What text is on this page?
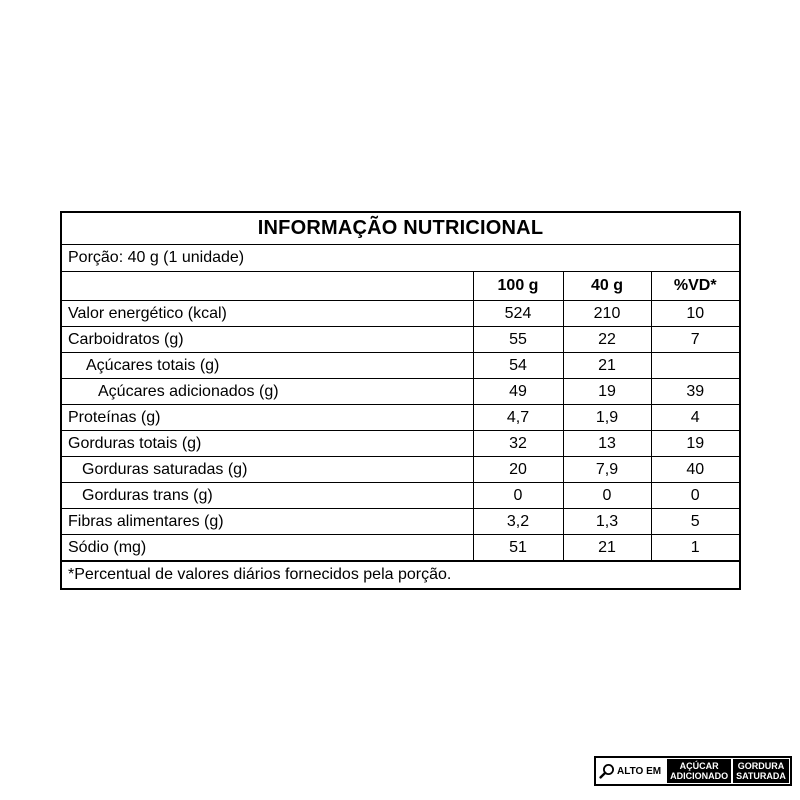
INFORMAÇÃO NUTRICIONAL
Porção: 40 g (1 unidade)
	100 g	40 g	%VD*
Valor energético (kcal)	524	210	10
Carboidratos (g)	55	22	7
Açúcares totais (g)	54	21	
Açúcares adicionados (g)	49	19	39
Proteínas (g)	4,7	1,9	4
Gorduras totais (g)	32	13	19
Gorduras saturadas (g)	20	7,9	40
Gorduras trans (g)	0	0	0
Fibras alimentares (g)	3,2	1,3	5
Sódio (mg)	51	21	1
*Percentual de valores diários fornecidos pela porção.
ALTO EM AÇÚCAR
ADICIONADO
GORDURA
SATURADA
